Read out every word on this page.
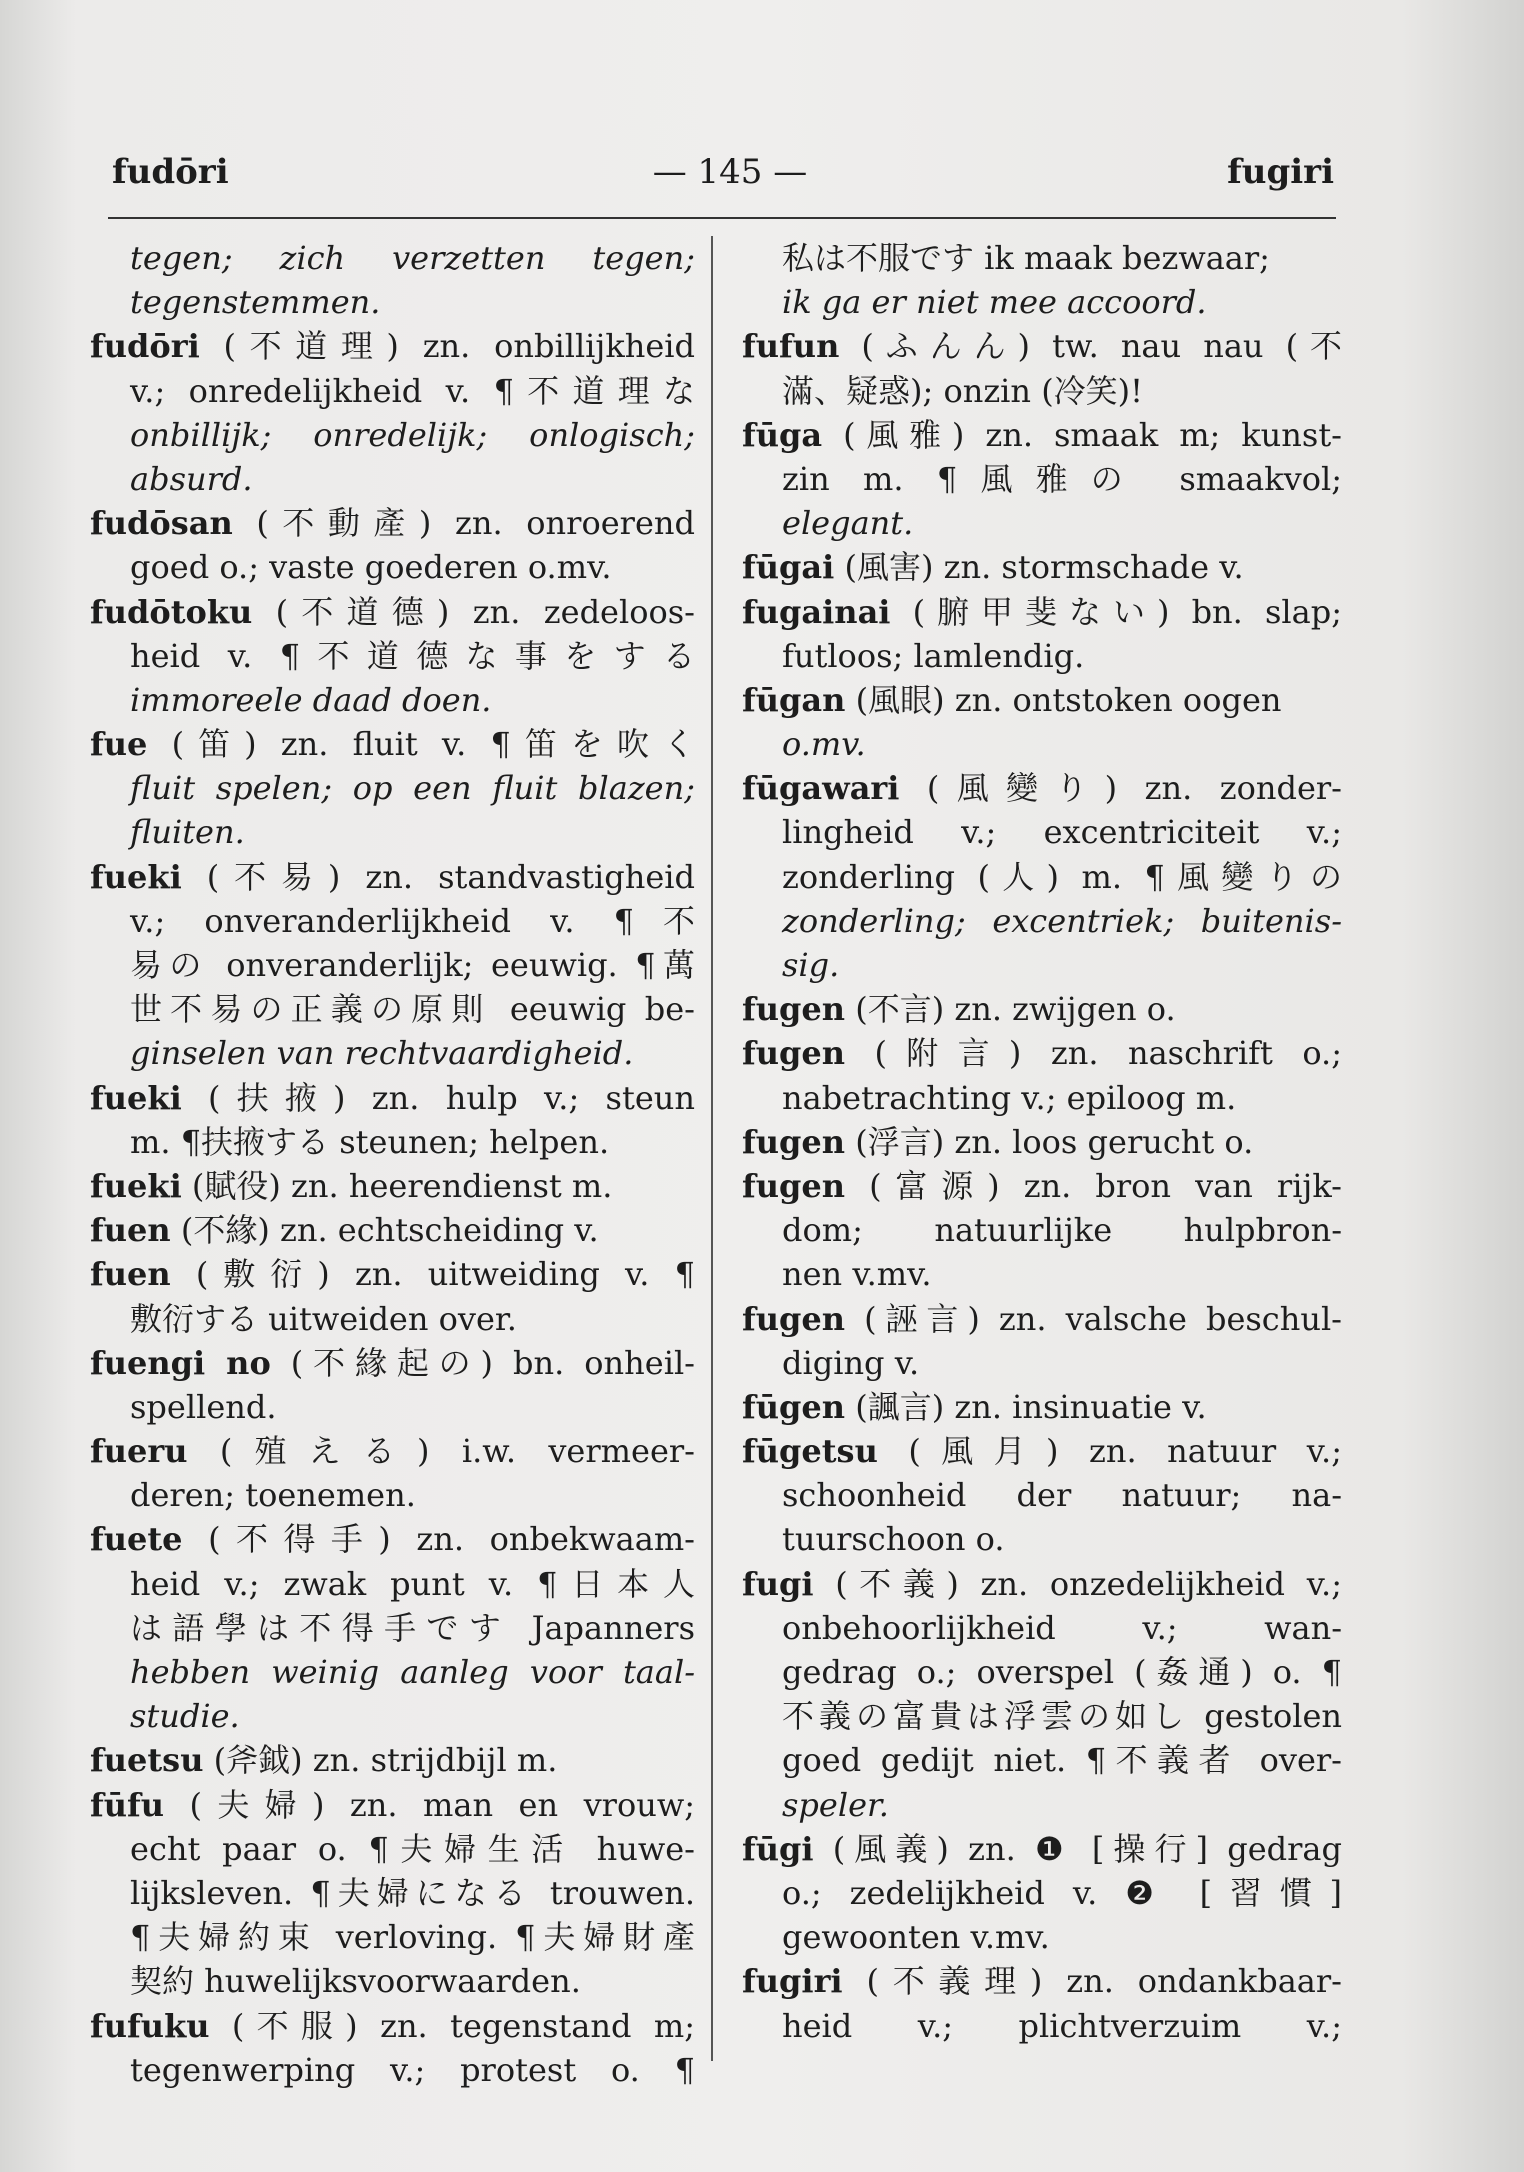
fudōri	— 145 —	fugiri
tegen; zich verzetten tegen;
tegenstemmen.
fudōri (不道理) zn. onbillijkheid
v.; onredelijkheid v. ¶不道理な
onbillijk; onredelijk; onlogisch;
absurd.
fudōsan (不動產) zn. onroerend
goed o.; vaste goederen o.mv.
fudōtoku (不道德) zn. zedeloos-
heid v. ¶不道德な事をする
immoreele daad doen.
fue (笛) zn. fluit v. ¶笛を吹く
fluit spelen; op een fluit blazen;
fluiten.
fueki (不易) zn. standvastigheid
v.; onveranderlijkheid v. ¶不
易の onveranderlijk; eeuwig. ¶萬
世不易の正義の原則 eeuwig be-
ginselen van rechtvaardigheid.
fueki (扶掖) zn. hulp v.; steun
m. ¶扶掖する steunen; helpen.
fueki (賦役) zn. heerendienst m.
fuen (不緣) zn. echtscheiding v.
fuen (敷衍) zn. uitweiding v. ¶
敷衍する uitweiden over.
fuengi no (不緣起の) bn. onheil-
spellend.
fueru (殖える) i.w. vermeer-
deren; toenemen.
fuete (不得手) zn. onbekwaam-
heid v.; zwak punt v. ¶日本人
は語學は不得手です Japanners
hebben weinig aanleg voor taal-
studie.
fuetsu (斧鉞) zn. strijdbijl m.
fūfu (夫婦) zn. man en vrouw;
echt paar o. ¶夫婦生活 huwe-
lijksleven. ¶夫婦になる trouwen.
¶夫婦約束 verloving. ¶夫婦財產
契約 huwelijksvoorwaarden.
fufuku (不服) zn. tegenstand m;
tegenwerping v.; protest o. ¶
私は不服です ik maak bezwaar;
ik ga er niet mee accoord.
fufun (ふんん) tw. nau nau (不
滿、疑惑); onzin (冷笑)!
fūga (風雅) zn. smaak m; kunst-
zin m. ¶風雅の smaakvol;
elegant.
fūgai (風害) zn. stormschade v.
fugainai (腑甲斐ない) bn. slap;
futloos; lamlendig.
fūgan (風眼) zn. ontstoken oogen
o.mv.
fūgawari (風變り) zn. zonder-
lingheid v.; excentriciteit v.;
zonderling (人) m. ¶風變りの
zonderling; excentriek; buitenis-
sig.
fugen (不言) zn. zwijgen o.
fugen (附言) zn. naschrift o.;
nabetrachting v.; epiloog m.
fugen (浮言) zn. loos gerucht o.
fugen (富源) zn. bron van rijk-
dom; natuurlijke hulpbron-
nen v.mv.
fugen (誣言) zn. valsche beschul-
diging v.
fūgen (諷言) zn. insinuatie v.
fūgetsu (風月) zn. natuur v.;
schoonheid der natuur; na-
tuurschoon o.
fugi (不義) zn. onzedelijkheid v.;
onbehoorlijkheid v.; wan-
gedrag o.; overspel (姦通) o. ¶
不義の富貴は浮雲の如し gestolen
goed gedijt niet. ¶不義者 over-
speler.
fūgi (風義) zn. ❶ [操行] gedrag
o.; zedelijkheid v. ❷ [習慣]
gewoonten v.mv.
fugiri (不義理) zn. ondankbaar-
heid v.; plichtverzuim v.;
